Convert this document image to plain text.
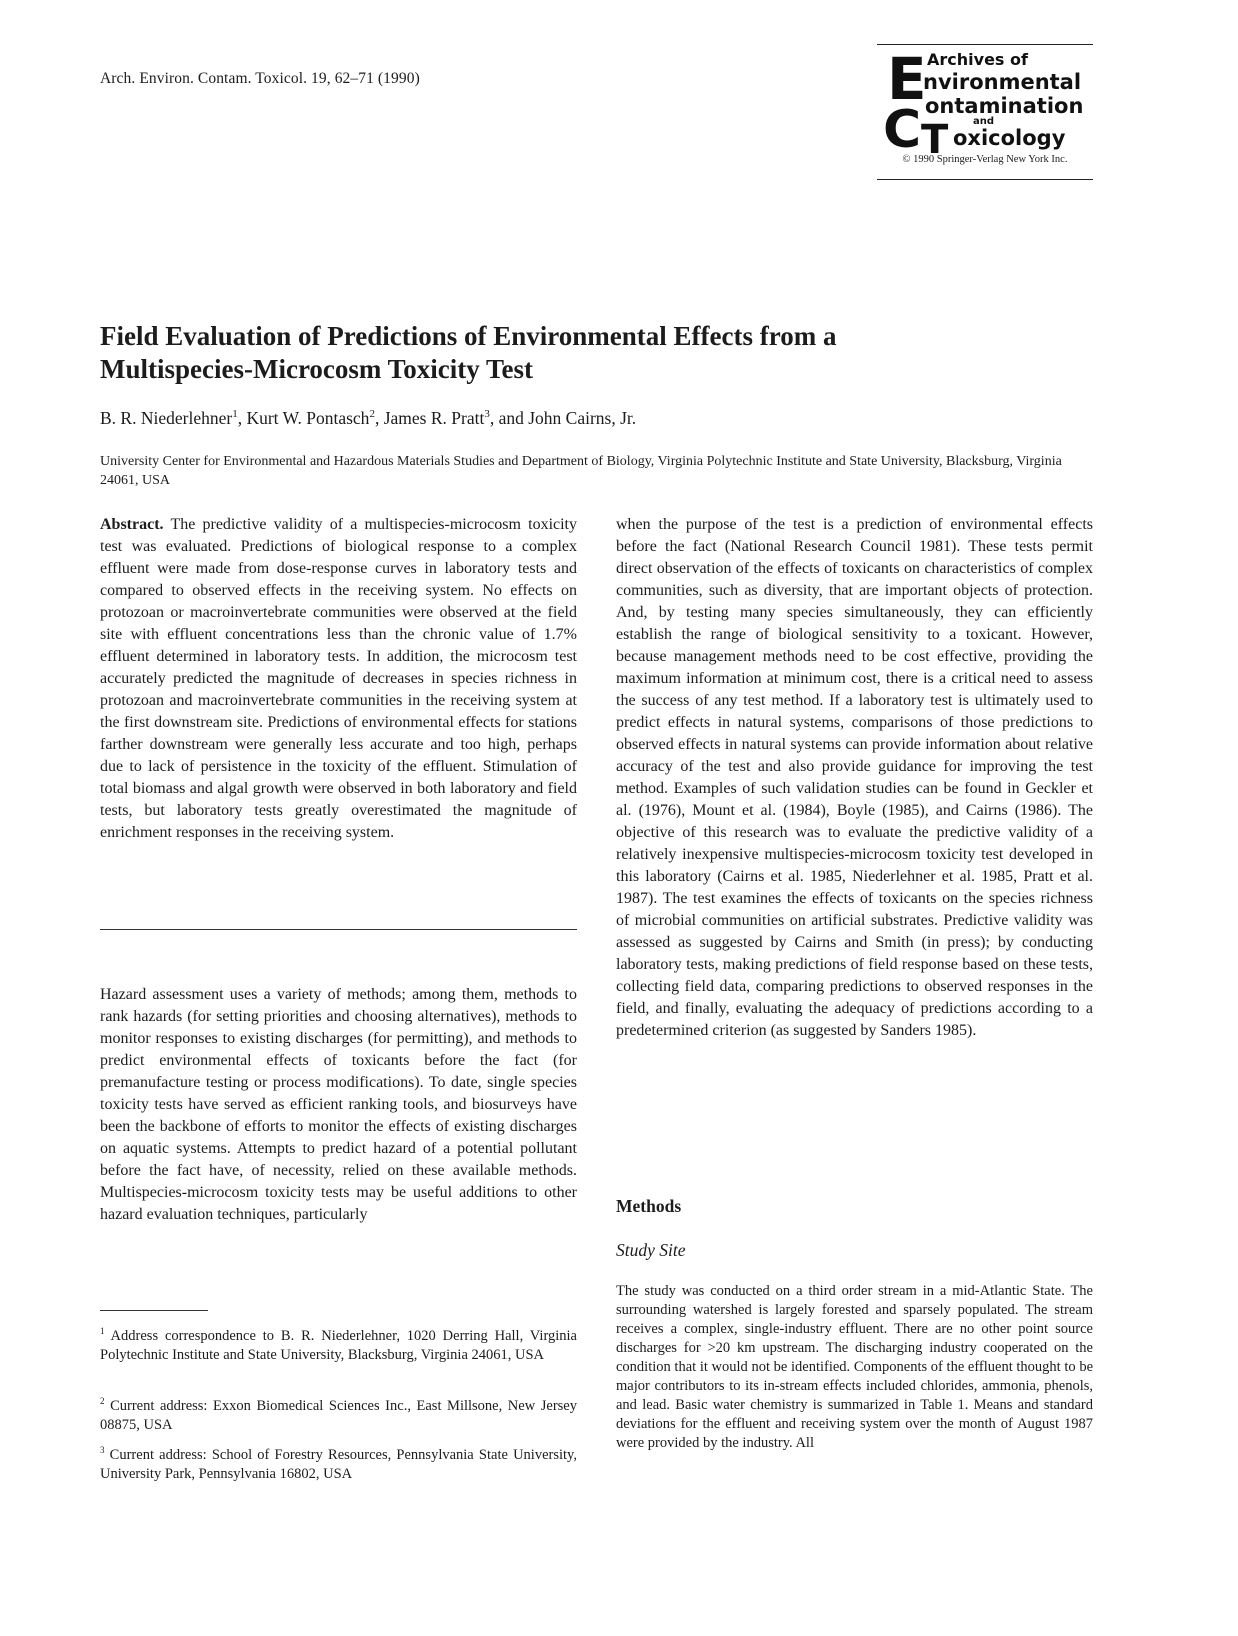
Arch. Environ. Contam. Toxicol. 19, 62–71 (1990)	E Archives of
nvironmental
C ontamination
and
T oxicology
© 1990 Springer-Verlag New York Inc.
Field Evaluation of Predictions of Environmental Effects from a Multispecies-Microcosm Toxicity Test
B. R. Niederlehner$^1$, Kurt W. Pontasch$^2$, James R. Pratt$^3$, and John Cairns, Jr.
University Center for Environmental and Hazardous Materials Studies and Department of Biology, Virginia Polytechnic Institute and State University, Blacksburg, Virginia 24061, USA

Abstract. The predictive validity of a multispecies-microcosm toxicity test was evaluated. Predictions of biological response to a complex effluent were made from dose-response curves in laboratory tests and compared to observed effects in the receiving system. No effects on protozoan or macroinvertebrate communities were observed at the field site with effluent concentrations less than the chronic value of 1.7% effluent determined in laboratory tests. In addition, the microcosm test accurately predicted the magnitude of decreases in species richness in protozoan and macroinvertebrate communities in the receiving system at the first downstream site. Predictions of environmental effects for stations farther downstream were generally less accurate and too high, perhaps due to lack of persistence in the toxicity of the effluent. Stimulation of total biomass and algal growth were observed in both laboratory and field tests, but laboratory tests greatly overestimated the magnitude of enrichment responses in the receiving system.

Hazard assessment uses a variety of methods; among them, methods to rank hazards (for setting priorities and choosing alternatives), methods to monitor responses to existing discharges (for permitting), and methods to predict environmental effects of toxicants before the fact (for premanufacture testing or process modifications). To date, single species toxicity tests have served as efficient ranking tools, and biosurveys have been the backbone of efforts to monitor the effects of existing discharges on aquatic systems. Attempts to predict hazard of a potential pollutant before the fact have, of necessity, relied on these available methods. Multispecies-microcosm toxicity tests may be useful additions to other hazard evaluation techniques, particularly

$^1$ Address correspondence to B. R. Niederlehner, 1020 Derring Hall, Virginia Polytechnic Institute and State University, Blacksburg, Virginia 24061, USA
$^2$ Current address: Exxon Biomedical Sciences Inc., East Millsone, New Jersey 08875, USA
$^3$ Current address: School of Forestry Resources, Pennsylvania State University, University Park, Pennsylvania 16802, USA

when the purpose of the test is a prediction of environmental effects before the fact (National Research Council 1981). These tests permit direct observation of the effects of toxicants on characteristics of complex communities, such as diversity, that are important objects of protection. And, by testing many species simultaneously, they can efficiently establish the range of biological sensitivity to a toxicant. However, because management methods need to be cost effective, providing the maximum information at minimum cost, there is a critical need to assess the success of any test method. If a laboratory test is ultimately used to predict effects in natural systems, comparisons of those predictions to observed effects in natural systems can provide information about relative accuracy of the test and also provide guidance for improving the test method. Examples of such validation studies can be found in Geckler et al. (1976), Mount et al. (1984), Boyle (1985), and Cairns (1986). The objective of this research was to evaluate the predictive validity of a relatively inexpensive multispecies-microcosm toxicity test developed in this laboratory (Cairns et al. 1985, Niederlehner et al. 1985, Pratt et al. 1987). The test examines the effects of toxicants on the species richness of microbial communities on artificial substrates. Predictive validity was assessed as suggested by Cairns and Smith (in press); by conducting laboratory tests, making predictions of field response based on these tests, collecting field data, comparing predictions to observed responses in the field, and finally, evaluating the adequacy of predictions according to a predetermined criterion (as suggested by Sanders 1985).

Methods
Study Site
The study was conducted on a third order stream in a mid-Atlantic State. The surrounding watershed is largely forested and sparsely populated. The stream receives a complex, single-industry effluent. There are no other point source discharges for >20 km upstream. The discharging industry cooperated on the condition that it would not be identified. Components of the effluent thought to be major contributors to its in-stream effects included chlorides, ammonia, phenols, and lead. Basic water chemistry is summarized in Table 1. Means and standard deviations for the effluent and receiving system over the month of August 1987 were provided by the industry. All
